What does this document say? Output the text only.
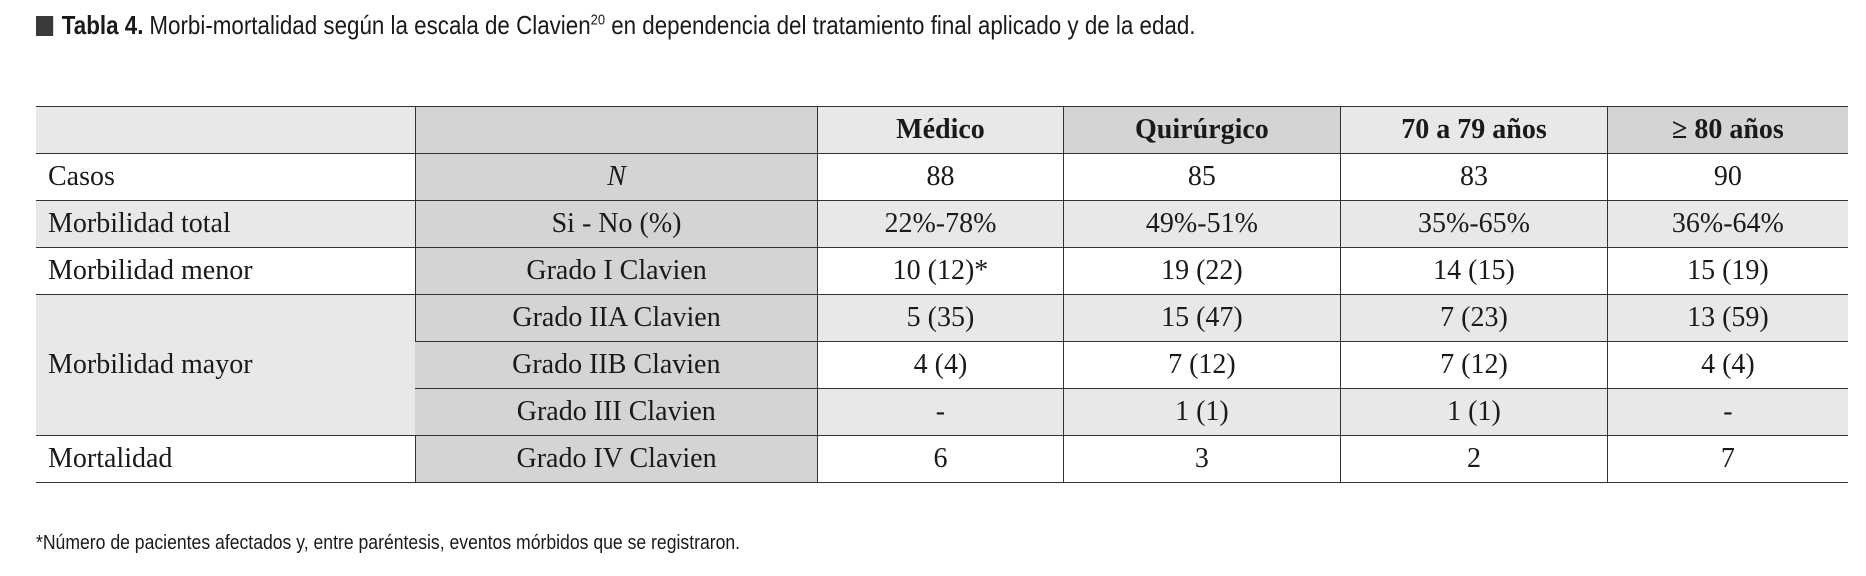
Tabla 4. Morbi-mortalidad según la escala de Clavien$^{20}$ en dependencia del tratamiento final aplicado y de la edad.
		Médico	Quirúrgico	70 a 79 años	≥ 80 años
Casos	N	88	85	83	90
Morbilidad total	Si - No (%)	22%-78%	49%-51%	35%-65%	36%-64%
Morbilidad menor	Grado I Clavien	10 (12)*	19 (22)	14 (15)	15 (19)
Morbilidad mayor	Grado IIA Clavien	5 (35)	15 (47)	7 (23)	13 (59)
	Grado IIB Clavien	4 (4)	7 (12)	7 (12)	4 (4)
	Grado III Clavien	-	1 (1)	1 (1)	-
Mortalidad	Grado IV Clavien	6	3	2	7
*Número de pacientes afectados y, entre paréntesis, eventos mórbidos que se registraron.
